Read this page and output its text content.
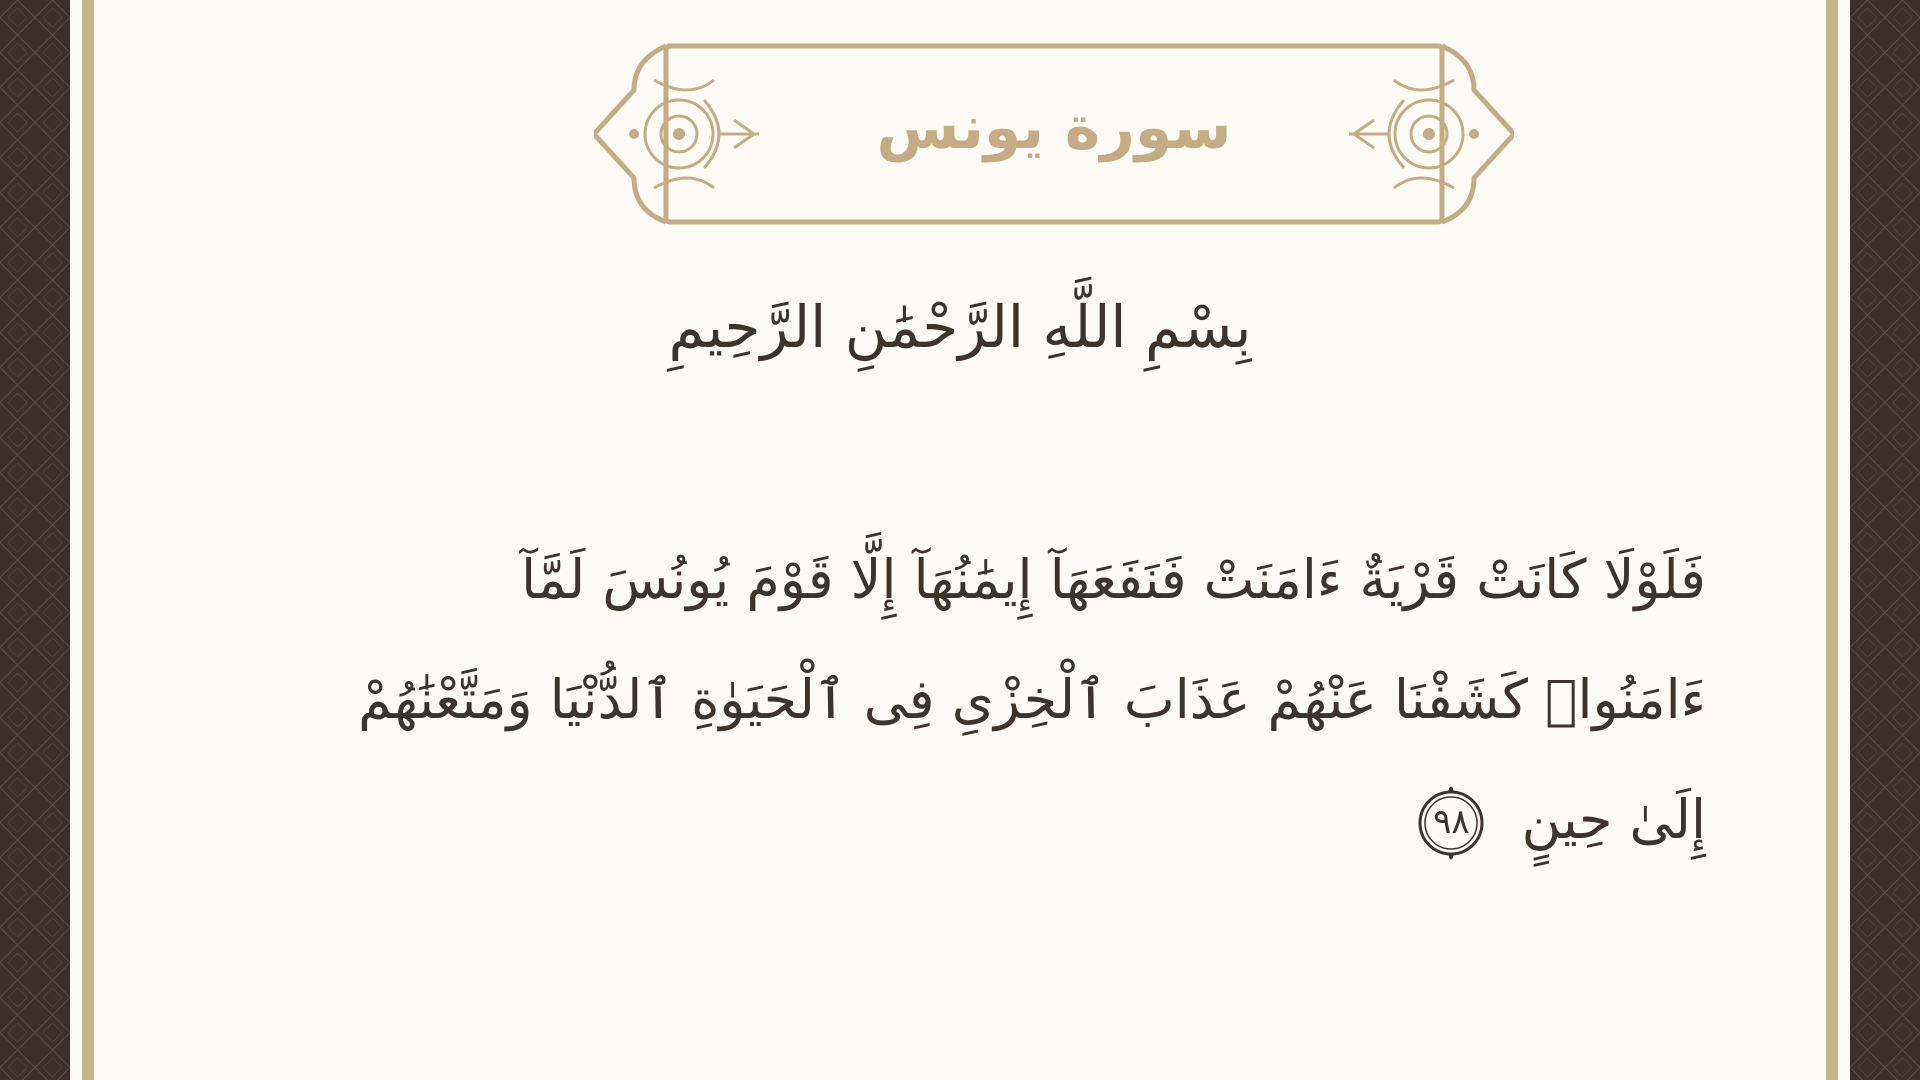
سورة يونس
بِسْمِ اللَّهِ الرَّحْمَٰنِ الرَّحِيمِ
فَلَوْلَا كَانَتْ قَرْيَةٌ ءَامَنَتْ فَنَفَعَهَآ إِيمَٰنُهَآ إِلَّا قَوْمَ يُونُسَ لَمَّآ ءَامَنُوا۟ كَشَفْنَا عَنْهُمْ عَذَابَ ٱلْخِزْىِ فِى ٱلْحَيَوٰةِ ٱلدُّنْيَا وَمَتَّعْنَٰهُمْ إِلَىٰ حِينٍ
٩٨
